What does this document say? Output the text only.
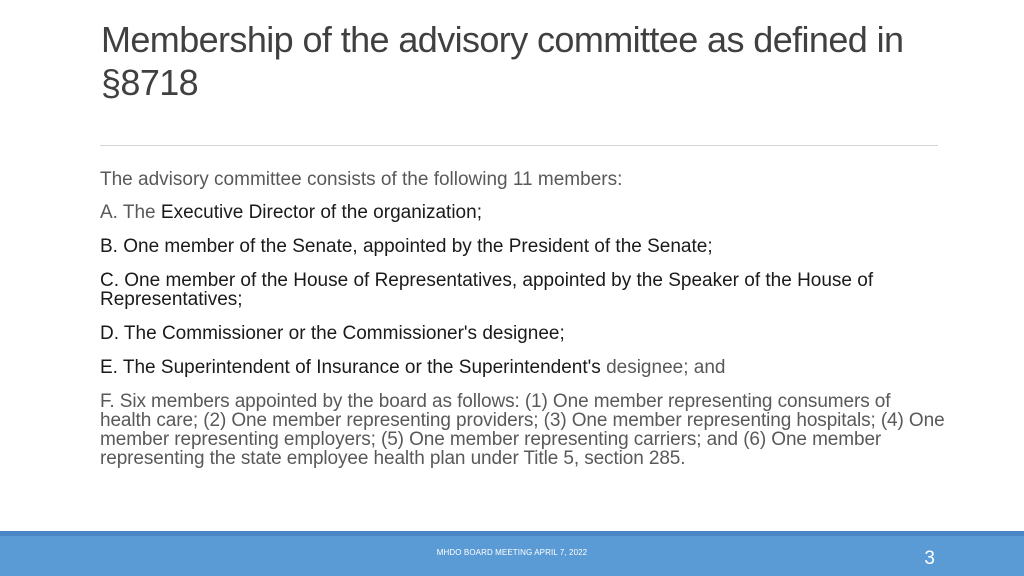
Membership of the advisory committee as defined in §8718

The advisory committee consists of the following 11 members:

A. The Executive Director of the organization;

B. One member of the Senate, appointed by the President of the Senate;

C. One member of the House of Representatives, appointed by the Speaker of the House of Representatives;

D. The Commissioner or the Commissioner's designee;

E. The Superintendent of Insurance or the Superintendent's designee; and

F. Six members appointed by the board as follows: (1) One member representing consumers of health care; (2) One member representing providers; (3) One member representing hospitals; (4) One member representing employers; (5) One member representing carriers; and (6) One member representing the state employee health plan under Title 5, section 285.

MHDO BOARD MEETING APRIL 7, 2022	3
